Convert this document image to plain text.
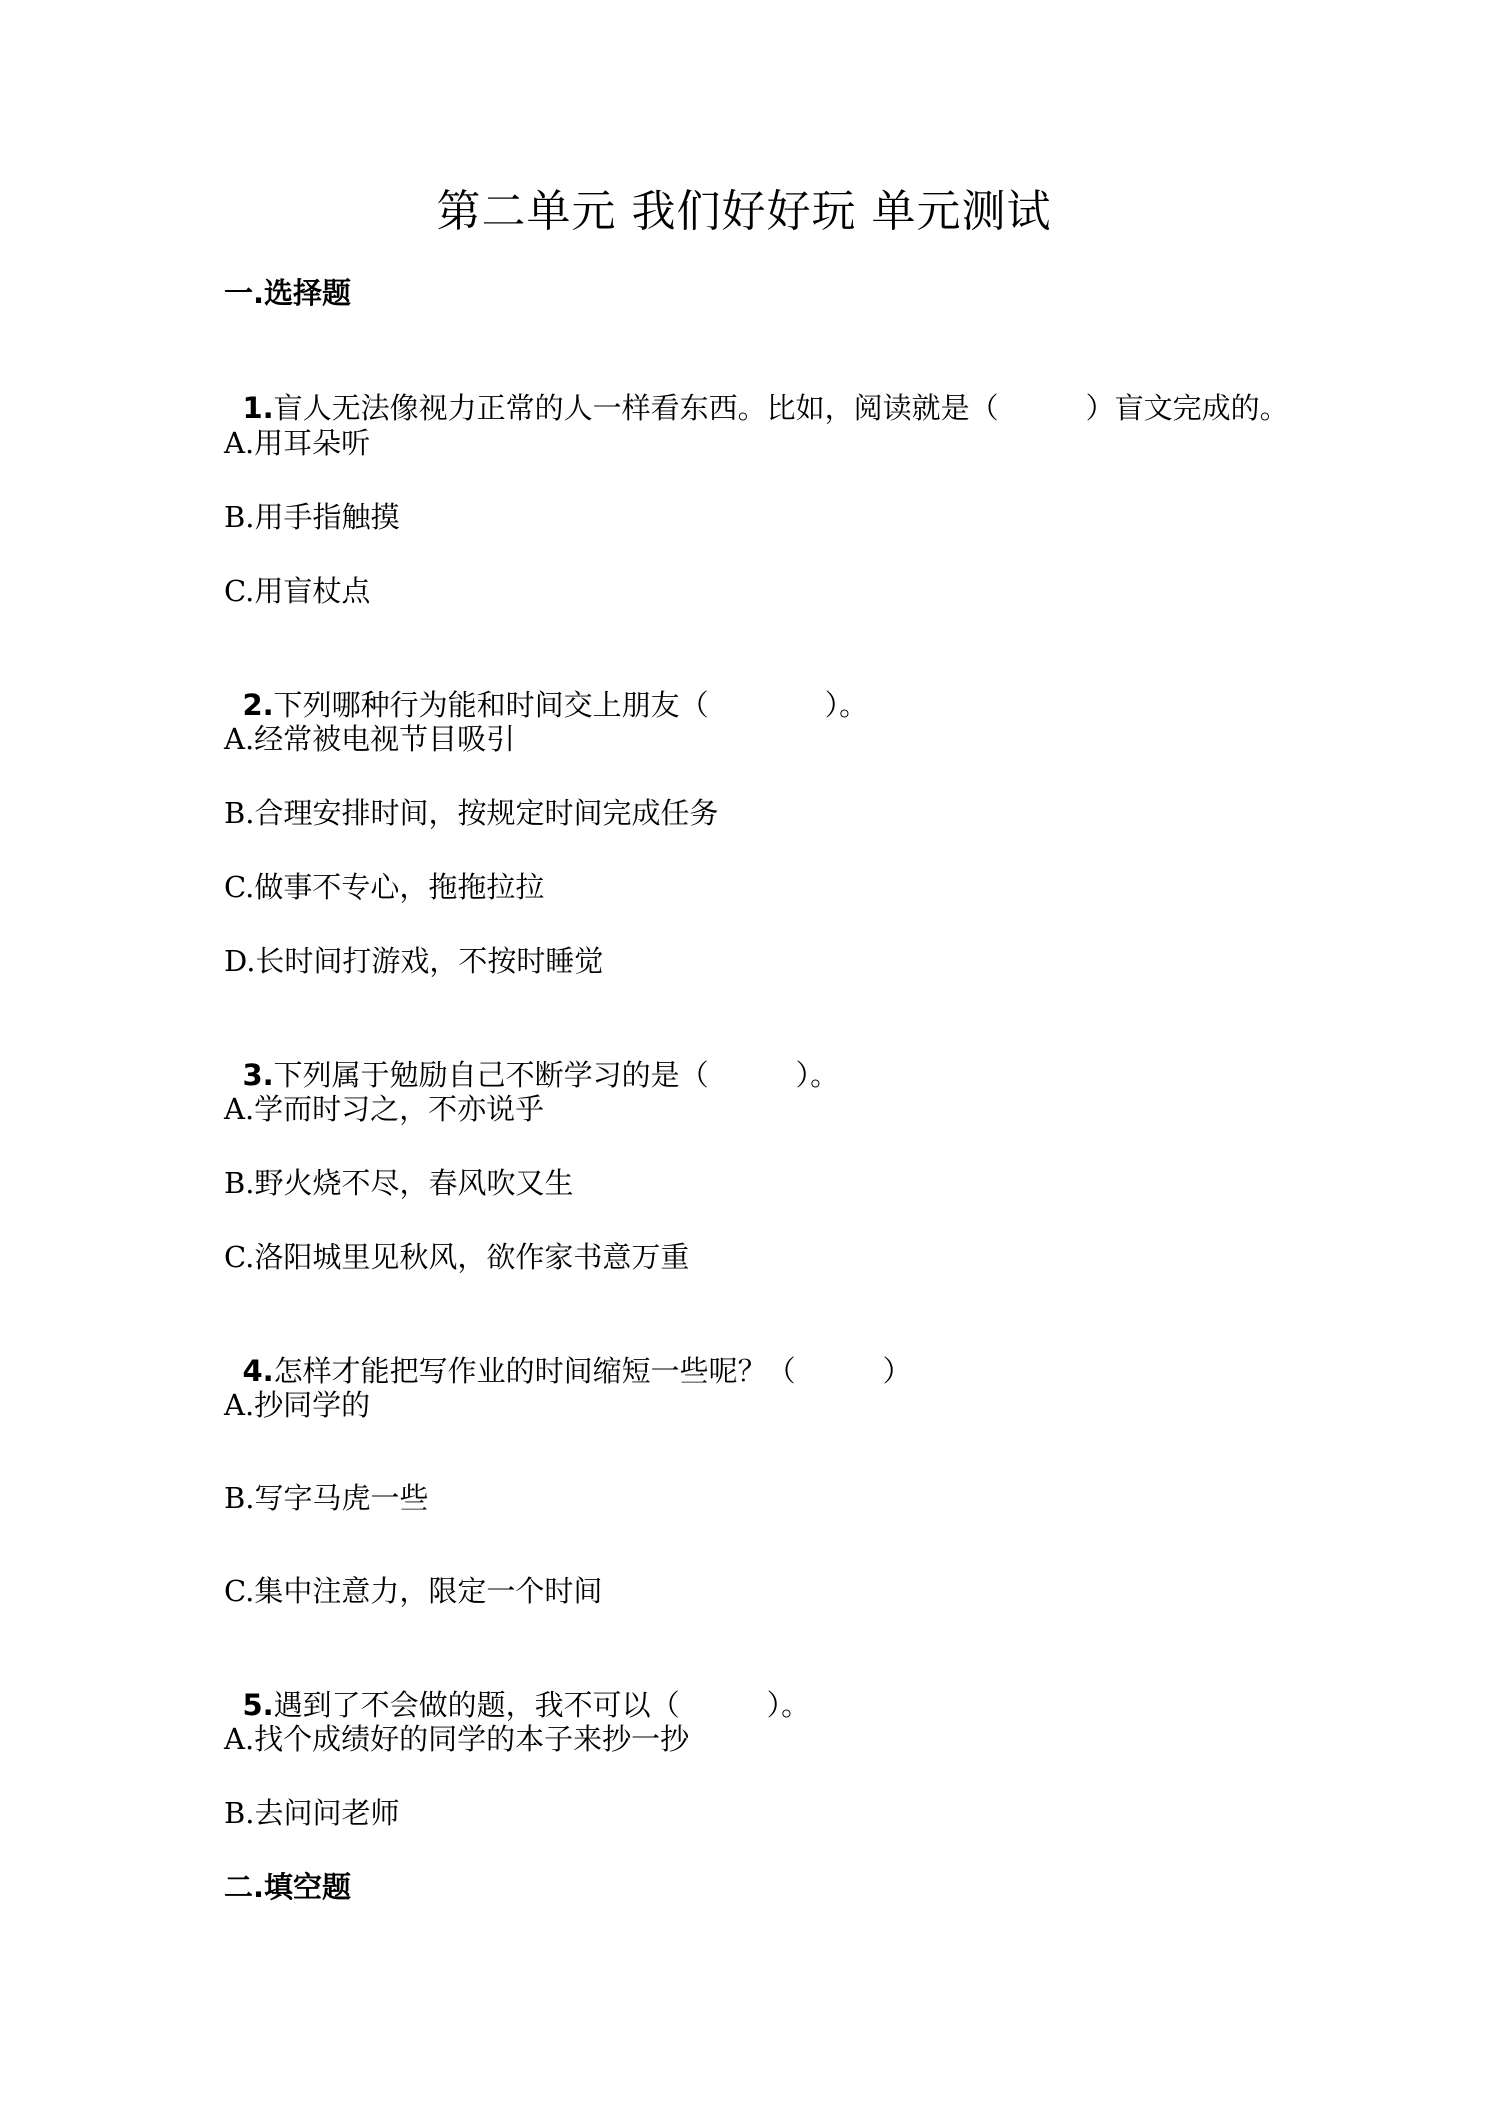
第二单元 我们好好玩 单元测试
一.选择题

1.盲人无法像视力正常的人一样看东西。比如，阅读就是（　　　）盲文完成的。

A.用耳朵听
B.用手指触摸
C.用盲杖点

2.下列哪种行为能和时间交上朋友（　　　　）。

A.经常被电视节目吸引
B.合理安排时间，按规定时间完成任务
C.做事不专心，拖拖拉拉
D.长时间打游戏，不按时睡觉

3.下列属于勉励自己不断学习的是（　　　）。

A.学而时习之，不亦说乎
B.野火烧不尽，春风吹又生
C.洛阳城里见秋风，欲作家书意万重

4.怎样才能把写作业的时间缩短一些呢？（　　　）

A.抄同学的
B.写字马虎一些
C.集中注意力，限定一个时间

5.遇到了不会做的题，我不可以（　　　）。

A.找个成绩好的同学的本子来抄一抄
B.去问问老师
二.填空题
